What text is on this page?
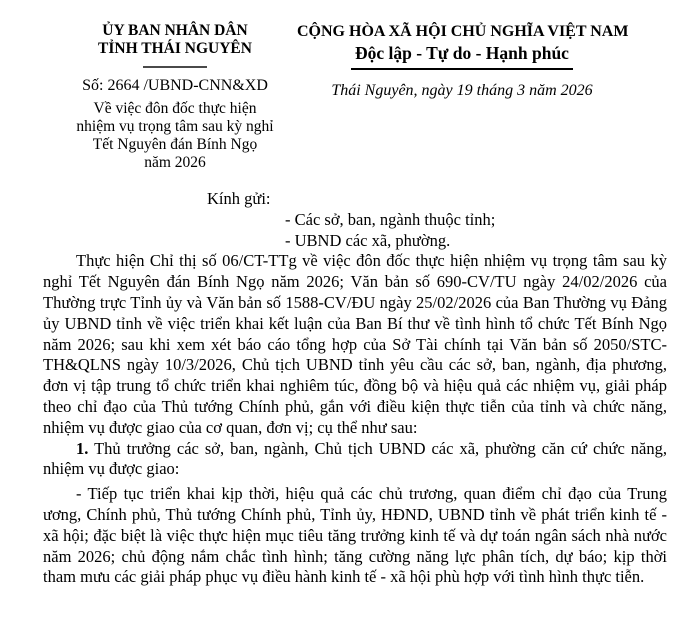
ỦY BAN NHÂN DÂN
TỈNH THÁI NGUYÊN
Số: 2664 /UBND-CNN&XD
Về việc đôn đốc thực hiện
nhiệm vụ trọng tâm sau kỳ nghỉ
Tết Nguyên đán Bính Ngọ
năm 2026
CỘNG HÒA XÃ HỘI CHỦ NGHĨA VIỆT NAM
Độc lập - Tự do - Hạnh phúc
Thái Nguyên, ngày 19 tháng 3 năm 2026
Kính gửi:
- Các sở, ban, ngành thuộc tỉnh;
- UBND các xã, phường.

Thực hiện Chỉ thị số 06/CT-TTg về việc đôn đốc thực hiện nhiệm vụ trọng tâm sau kỳ nghỉ Tết Nguyên đán Bính Ngọ năm 2026; Văn bản số 690-CV/TU ngày 24/02/2026 của Thường trực Tỉnh ủy và Văn bản số 1588-CV/ĐU ngày 25/02/2026 của Ban Thường vụ Đảng ủy UBND tỉnh về việc triển khai kết luận của Ban Bí thư về tình hình tổ chức Tết Bính Ngọ năm 2026; sau khi xem xét báo cáo tổng hợp của Sở Tài chính tại Văn bản số 2050/STC-TH&QLNS ngày 10/3/2026, Chủ tịch UBND tỉnh yêu cầu các sở, ban, ngành, địa phương, đơn vị tập trung tổ chức triển khai nghiêm túc, đồng bộ và hiệu quả các nhiệm vụ, giải pháp theo chỉ đạo của Thủ tướng Chính phủ, gắn với điều kiện thực tiễn của tỉnh và chức năng, nhiệm vụ được giao của cơ quan, đơn vị; cụ thể như sau:

1. Thủ trưởng các sở, ban, ngành, Chủ tịch UBND các xã, phường căn cứ chức năng, nhiệm vụ được giao:

- Tiếp tục triển khai kịp thời, hiệu quả các chủ trương, quan điểm chỉ đạo của Trung ương, Chính phủ, Thủ tướng Chính phủ, Tỉnh ủy, HĐND, UBND tỉnh về phát triển kinh tế - xã hội; đặc biệt là việc thực hiện mục tiêu tăng trưởng kinh tế và dự toán ngân sách nhà nước năm 2026; chủ động nắm chắc tình hình; tăng cường năng lực phân tích, dự báo; kịp thời tham mưu các giải pháp phục vụ điều hành kinh tế - xã hội phù hợp với tình hình thực tiễn.
